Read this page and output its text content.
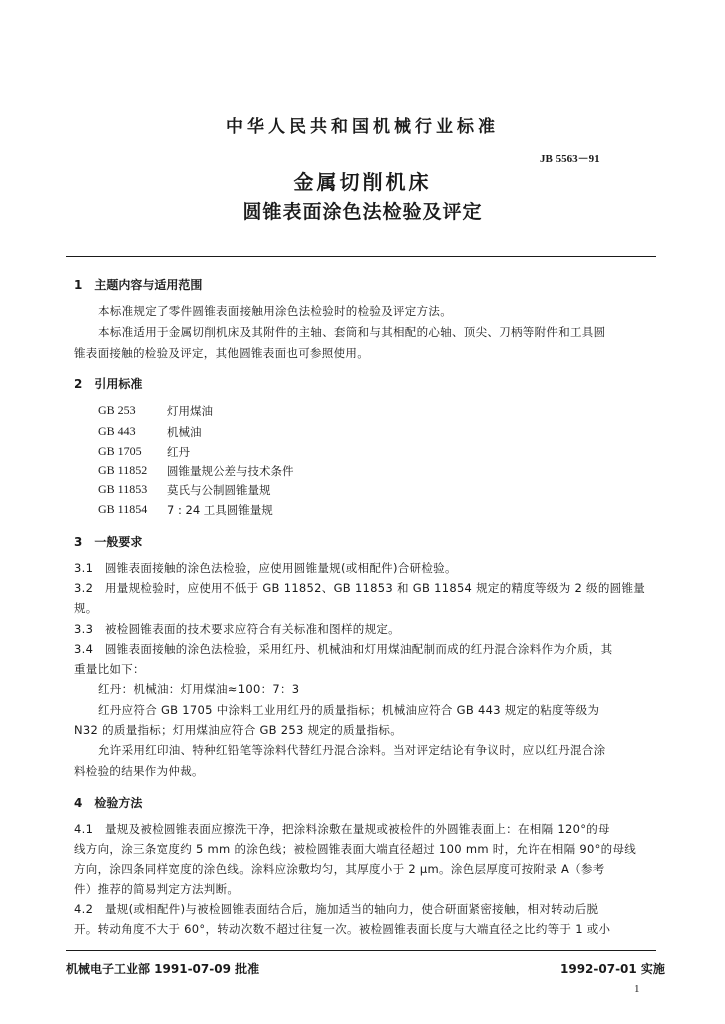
中华人民共和国机械行业标准
JB 5563－91
金属切削机床
圆锥表面涂色法检验及评定
1　主题内容与适用范围
本标准规定了零件圆锥表面接触用涂色法检验时的检验及评定方法。
本标准适用于金属切削机床及其附件的主轴、套筒和与其相配的心轴、顶尖、刀柄等附件和工具圆
锥表面接触的检验及评定，其他圆锥表面也可参照使用。
2　引用标准
GB 253	灯用煤油
GB 443	机械油
GB 1705 红丹
GB 11852 圆锥量规公差与技术条件
GB 11853 莫氏与公制圆锥量规
GB 11854 7 : 24 工具圆锥量规
3　一般要求
3.1　圆锥表面接触的涂色法检验，应使用圆锥量规(或相配件)合研检验。
3.2　用量规检验时，应使用不低于 GB 11852、GB 11853 和 GB 11854 规定的精度等级为 2 级的圆锥量
规。
3.3　被检圆锥表面的技术要求应符合有关标准和图样的规定。
3.4　圆锥表面接触的涂色法检验，采用红丹、机械油和灯用煤油配制而成的红丹混合涂料作为介质，其
重量比如下：
红丹：机械油：灯用煤油≈100：7：3
红丹应符合 GB 1705 中涂料工业用红丹的质量指标；机械油应符合 GB 443 规定的粘度等级为
N32 的质量指标；灯用煤油应符合 GB 253 规定的质量指标。
允许采用红印油、特种红铅笔等涂料代替红丹混合涂料。当对评定结论有争议时，应以红丹混合涂
料检验的结果作为仲裁。
4　检验方法
4.1　量规及被检圆锥表面应擦洗干净，把涂料涂敷在量规或被检件的外圆锥表面上：在相隔 120°的母
线方向，涂三条宽度约 5 mm 的涂色线；被检圆锥表面大端直径超过 100 mm 时，允许在相隔 90°的母线
方向，涂四条同样宽度的涂色线。涂料应涂敷均匀，其厚度小于 2 μm。涂色层厚度可按附录 A（参考
件）推荐的简易判定方法判断。
4.2　量规(或相配件)与被检圆锥表面结合后，施加适当的轴向力，使合研面紧密接触，相对转动后脱
开。转动角度不大于 60°，转动次数不超过往复一次。被检圆锥表面长度与大端直径之比约等于 1 或小
机械电子工业部 1991-07-09 批准	1992-07-01 实施
1
